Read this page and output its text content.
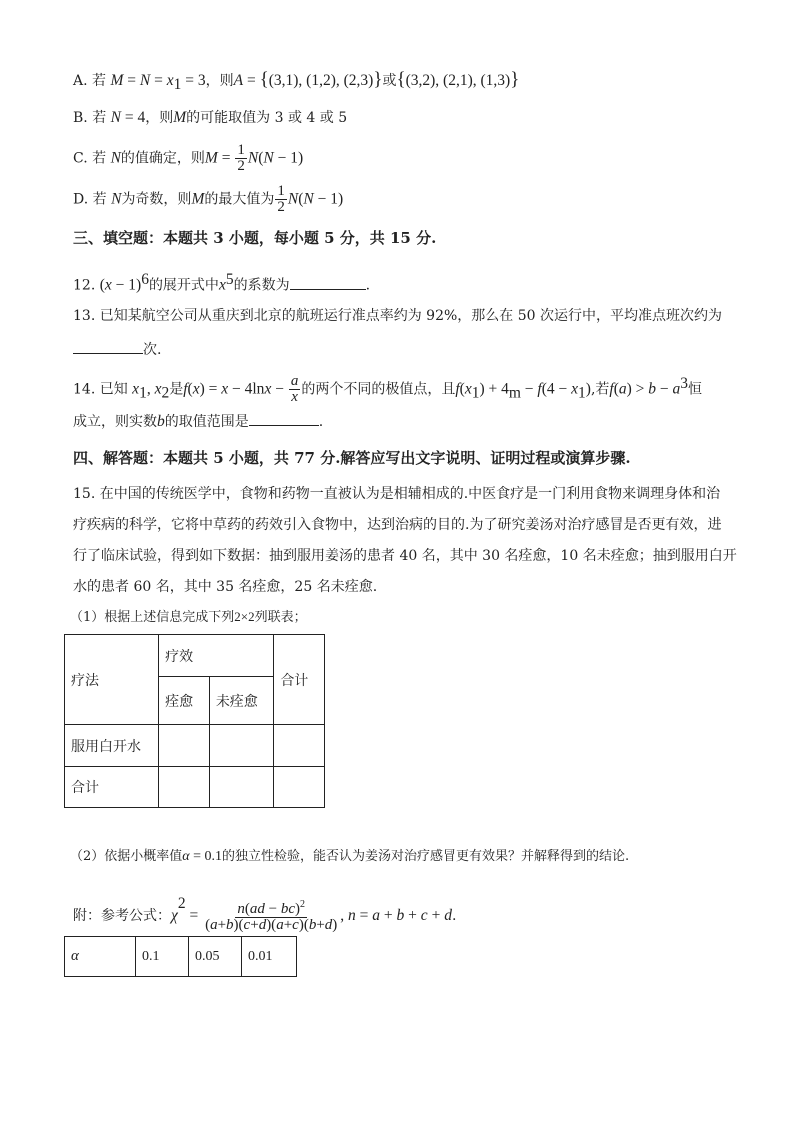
A. 若 $M = N = x_1 = 3$，则A = {(3,1), (1,2), (2,3)}或{(3,2), (2,1), (1,3)}
B. 若 N = 4，则M的可能取值为 3 或 4 或 5
C. 若 N的值确定，则$M = \frac{1}{2} N(N - 1)$
D. 若 N为奇数，则M的最大值为 $\frac{1}{2} N(N - 1)$
三、填空题：本题共 3 小题，每小题 5 分，共 15 分.
12. $(x - 1)^6$的展开式中$x^5$的系数为	.
13. 已知某航空公司从重庆到北京的航班运行准点率约为 92%，那么在 50 次运行中，平均准点班次约为
次.
14. 已知 $x_1$, $x_2$是$f(x) = x - 4\ln x - \frac{a}{x}$ 的两个不同的极值点，且$f(x_1) + 4_m - f(4 - x_1)$,若$f(a) > b - a^3$恒
成立，则实数b的取值范围是	.
四、解答题：本题共 5 小题，共 77 分.解答应写出文字说明、证明过程或演算步骤.
15. 在中国的传统医学中，食物和药物一直被认为是相辅相成的.中医食疗是一门利用食物来调理身体和治
疗疾病的科学，它将中草药的药效引入食物中，达到治病的目的.为了研究姜汤对治疗感冒是否更有效，进
行了临床试验，得到如下数据：抽到服用姜汤的患者 40 名，其中 30 名痊愈，10 名未痊愈；抽到服用白开
水的患者 60 名，其中 35 名痊愈，25 名未痊愈.
（1）根据上述信息完成下列2×2列联表；
疗法	疗效		合计
	痊愈	未痊愈	
服用白开水			
合计			
（2）依据小概率值α = 0.1的独立性检验，能否认为姜汤对治疗感冒更有效果？并解释得到的结论.
附：参考公式：$\chi^2 = \frac{n(ad - bc)^2}{(a+b)(c+d)(a+c)(b+d)}$ , n = a + b + c + d.
α	0.1	0.05	0.01
